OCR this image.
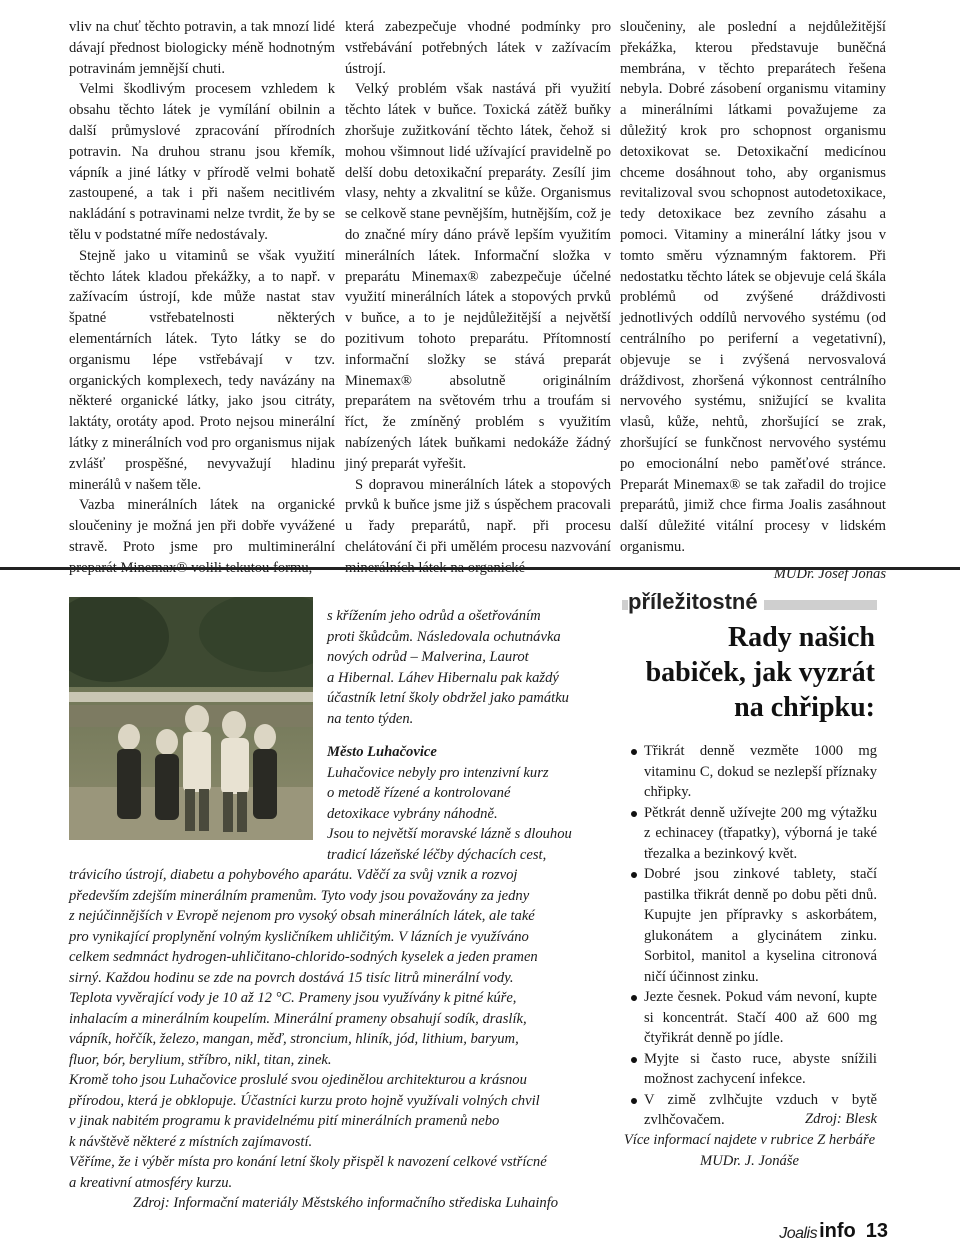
vliv na chuť těchto potravin, a tak mnozí lidé dávají přednost biologicky méně hodnotným potravinám jemnější chuti.

Velmi škodlivým procesem vzhledem k obsahu těchto látek je vymílání obilnin a další průmyslové zpracování přírodních potravin. Na druhou stranu jsou křemík, vápník a jiné látky v přírodě velmi bohatě zastoupené, a tak i při našem necitlivém nakládání s potravinami nelze tvrdit, že by se tělu v podstatné míře nedostávaly.

Stejně jako u vitaminů se však využití těchto látek kladou překážky, a to např. v zažívacím ústrojí, kde může nastat stav špatné vstřebatelnosti některých elementárních látek. Tyto látky se do organismu lépe vstřebávají v tzv. organických komplexech, tedy navázány na některé organické látky, jako jsou citráty, laktáty, orotáty apod. Proto nejsou minerální látky z minerálních vod pro organismus nijak zvlášť prospěšné, nevyvažují hladinu minerálů v našem těle.

Vazba minerálních látek na organické sloučeniny je možná jen při dobře vyvážené stravě. Proto jsme pro multiminerální preparát Minemax® volili tekutou formu,

která zabezpečuje vhodné podmínky pro vstřebávání potřebných látek v zažívacím ústrojí.

Velký problém však nastává při využití těchto látek v buňce. Toxická zátěž buňky zhoršuje zužitkování těchto látek, čehož si mohou všimnout lidé užívající pravidelně po delší dobu detoxikační preparáty. Zesílí jim vlasy, nehty a zkvalitní se kůže. Organismus se celkově stane pevnějším, hutnějším, což je do značné míry dáno právě lepším využitím minerálních látek. Informační složka v preparátu Minemax® zabezpečuje účelné využití minerálních látek a stopových prvků v buňce, a to je nejdůležitější a největší pozitivum tohoto preparátu. Přítomností informační složky se stává preparát Minemax® absolutně originálním preparátem na světovém trhu a troufám si říct, že zmíněný problém s využitím nabízených látek buňkami nedokáže žádný jiný preparát vyřešit.

S dopravou minerálních látek a stopových prvků k buňce jsme již s úspěchem pracovali u řady preparátů, např. při procesu chelátování či při umělém procesu nazvování minerálních látek na organické

sloučeniny, ale poslední a nejdůležitější překážka, kterou představuje buněčná membrána, v těchto preparátech řešena nebyla. Dobré zásobení organismu vitaminy a minerálními látkami považujeme za důležitý krok pro schopnost organismu detoxikovat se. Detoxikační medicínou chceme dosáhnout toho, aby organismus revitalizoval svou schopnost autodetoxikace, tedy detoxikace bez zevního zásahu a pomoci. Vitaminy a minerální látky jsou v tomto směru významným faktorem. Při nedostatku těchto látek se objevuje celá škála problémů od zvýšené dráždivosti jednotlivých oddílů nervového systému (od centrálního po periferní a vegetativní), objevuje se i zvýšená nervosvalová dráždivost, zhoršená výkonnost centrálního nervového systému, snižující se kvalita vlasů, kůže, nehtů, zhoršující se zrak, zhoršující se funkčnost nervového systému po emocionální nebo paměťové stránce. Preparát Minemax® se tak zařadil do trojice preparátů, jimiž chce firma Joalis zasáhnout další důležité vitální procesy v lidském organismu.

MUDr. Josef Jonáš

s křížením jeho odrůd a ošetřováním
proti škůdcům. Následovala ochutnávka
nových odrůd – Malverina, Laurot
a Hibernal. Láhev Hibernalu pak každý
účastník letní školy obdržel jako památku
na tento týden.
Město Luhačovice
Luhačovice nebyly pro intenzivní kurz
o metodě řízené a kontrolované
detoxikace vybrány náhodně.
Jsou to největší moravské lázně s dlouhou
tradicí lázeňské léčby dýchacích cest,
trávicího ústrojí, diabetu a pohybového aparátu. Vděčí za svůj vznik a rozvoj
především zdejším minerálním pramenům. Tyto vody jsou považovány za jedny
z nejúčinnějších v Evropě nejenom pro vysoký obsah minerálních látek, ale také
pro vynikající proplynění volným kysličníkem uhličitým. V lázních je využíváno
celkem sedmnáct hydrogen-uhličitano-chlorido-sodných kyselek a jeden pramen
sirný. Každou hodinu se zde na povrch dostává 15 tisíc litrů minerální vody.
Teplota vyvěrající vody je 10 až 12 °C. Prameny jsou využívány k pitné kúře,
inhalacím a minerálním koupelím. Minerální prameny obsahují sodík, draslík,
vápník, hořčík, železo, mangan, měď, stroncium, hliník, jód, lithium, baryum,
fluor, bór, berylium, stříbro, nikl, titan, zinek.
Kromě toho jsou Luhačovice proslulé svou ojedinělou architekturou a krásnou
přírodou, která je obklopuje. Účastníci kurzu proto hojně využívali volných chvil
v jinak nabitém programu k pravidelnému pití minerálních pramenů nebo
k návštěvě některé z místních zajímavostí.
Věříme, že i výběr místa pro konání letní školy přispěl k navození celkové vstřícné
a kreativní atmosféry kurzu.
Zdroj: Informační materiály Městského informačního střediska Luhainfo
příležitostné
Rady našich
babiček, jak vyzrát
na chřipku:
Třikrát denně vezměte 1000 mg vitaminu C, dokud se nezlepší příznaky chřipky.
Pětkrát denně užívejte 200 mg výtažku z echinacey (třapatky), výborná je také třezalka a bezinkový květ.
Dobré jsou zinkové tablety, stačí pastilka třikrát denně po dobu pěti dnů. Kupujte jen přípravky s askorbátem, glukonátem a glycinátem zinku. Sorbitol, manitol a kyselina citronová ničí účinnost zinku.
Jezte česnek. Pokud vám nevoní, kupte si koncentrát. Stačí 400 až 600 mg čtyřikrát denně po jídle.
Myjte si často ruce, abyste snížili možnost zachycení infekce.
V zimě zvlhčujte vzduch v bytě zvlhčovačem.	Zdroj: Blesk
Více informací najdete v rubrice Z herbáře MUDr. J. Jonáše
Joalis info 13
